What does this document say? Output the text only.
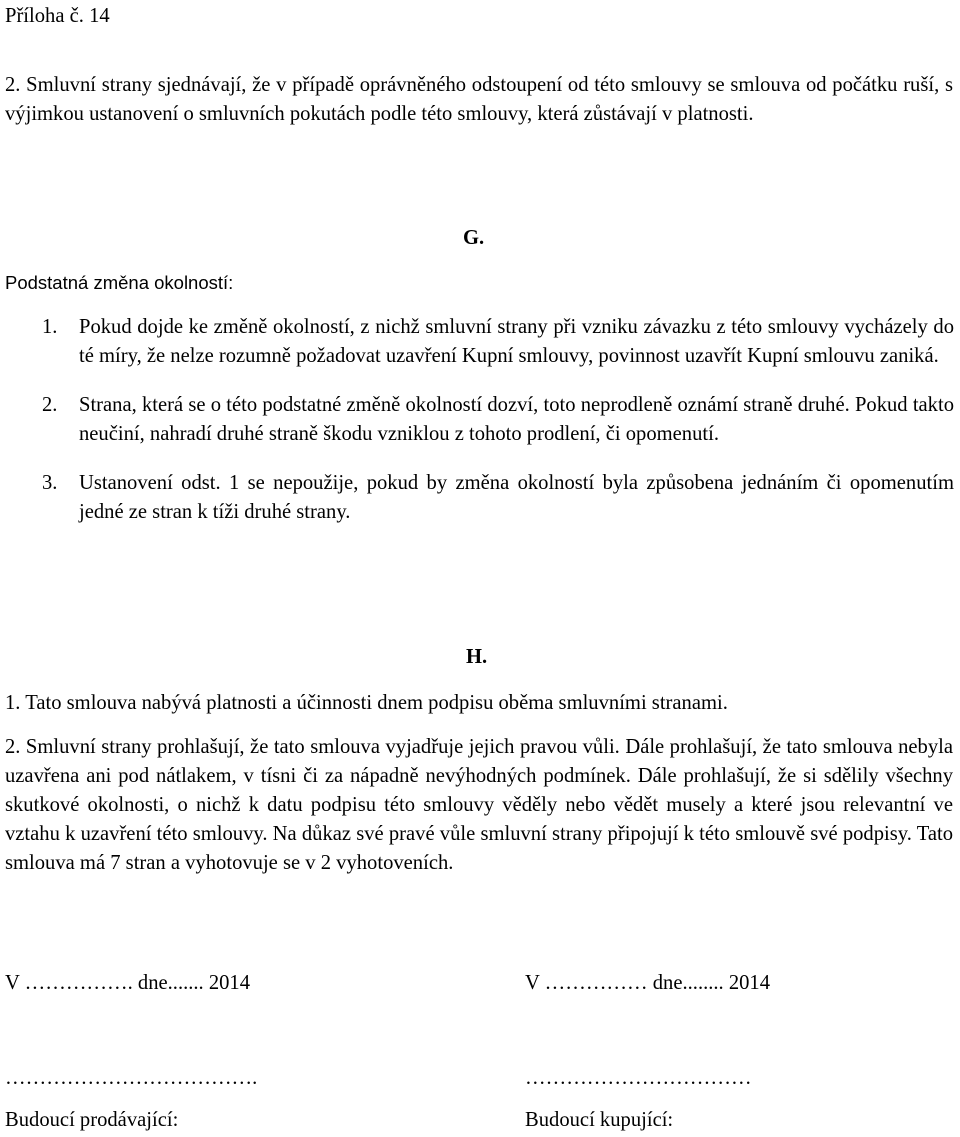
Příloha č. 14
2. Smluvní strany sjednávají, že v případě oprávněného odstoupení od této smlouvy se smlouva od počátku ruší, s výjimkou ustanovení o smluvních pokutách podle této smlouvy, která zůstávají v platnosti.
G.
Podstatná změna okolností:
1. Pokud dojde ke změně okolností, z nichž smluvní strany při vzniku závazku z této smlouvy vycházely do té míry, že nelze rozumně požadovat uzavření Kupní smlouvy, povinnost uzavřít Kupní smlouvu zaniká.
2. Strana, která se o této podstatné změně okolností dozví, toto neprodleně oznámí straně druhé. Pokud takto neučiní, nahradí druhé straně škodu vzniklou z tohoto prodlení, či opomenutí.
3. Ustanovení odst. 1 se nepoužije, pokud by změna okolností byla způsobena jednáním či opomenutím jedné ze stran k tíži druhé strany.
H.
1. Tato smlouva nabývá platnosti a účinnosti dnem podpisu oběma smluvními stranami.
2. Smluvní strany prohlašují, že tato smlouva vyjadřuje jejich pravou vůli. Dále prohlašují, že tato smlouva nebyla uzavřena ani pod nátlakem, v tísni či za nápadně nevýhodných podmínek. Dále prohlašují, že si sdělily všechny skutkové okolnosti, o nichž k datu podpisu této smlouvy věděly nebo vědět musely a které jsou relevantní ve vztahu k uzavření této smlouvy. Na důkaz své pravé vůle smluvní strany připojují k této smlouvě své podpisy. Tato smlouva má 7 stran a vyhotovuje se v 2 vyhotoveních.
V ……………. dne....... 2014	V …………… dne........ 2014
……………………………….	……………………………
Budoucí prodávající:	Budoucí kupující:
